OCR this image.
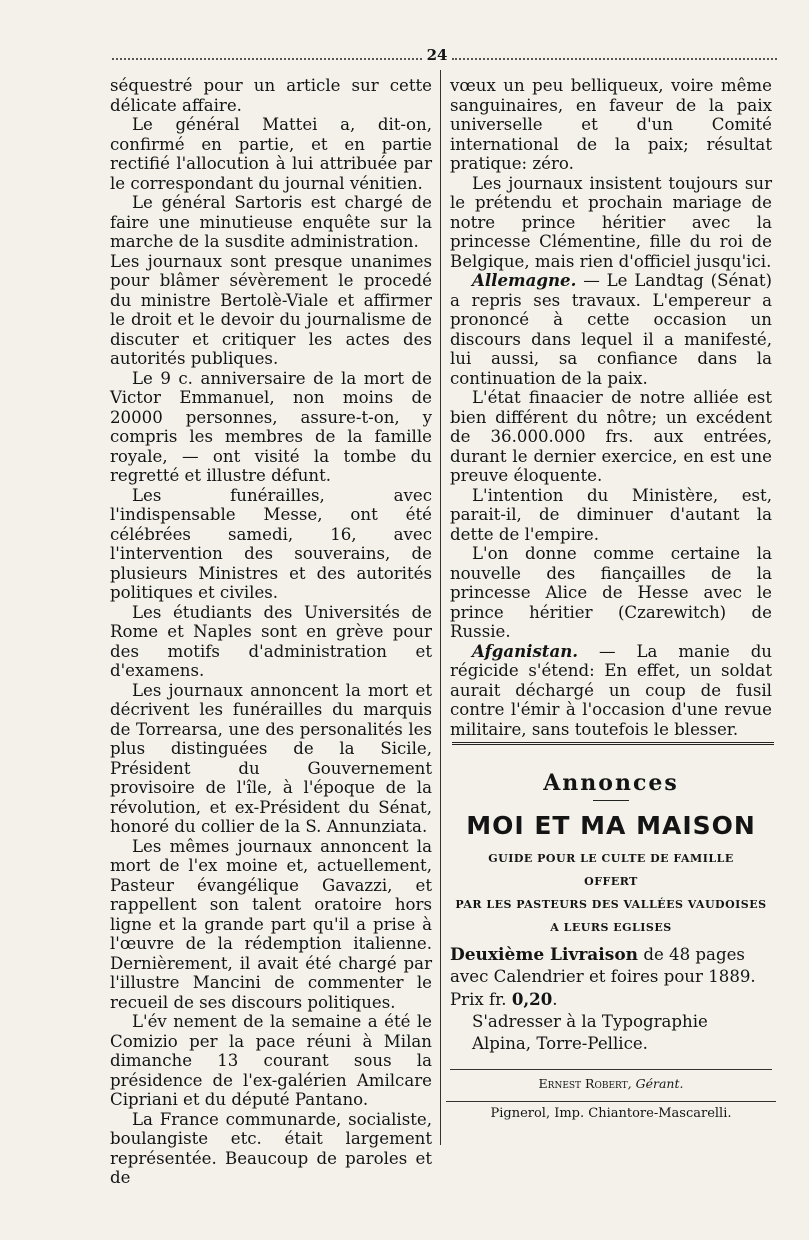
24

séquestré pour un article sur cette délicate affaire.

Le général Mattei a, dit-on, confirmé en partie, et en partie rectifié l'allocution à lui attribuée par le correspondant du journal vénitien.

Le général Sartoris est chargé de faire une minutieuse enquête sur la marche de la susdite administration.

Les journaux sont presque unanimes pour blâmer sévèrement le procedé du ministre Bertolè-Viale et affirmer le droit et le devoir du journalisme de discuter et critiquer les actes des autorités publiques.

Le 9 c. anniversaire de la mort de Victor Emmanuel, non moins de 20000 personnes, assure-t-on, y compris les membres de la famille royale, — ont visité la tombe du regretté et illustre défunt.

Les funérailles, avec l'indispensable Messe, ont été célébrées samedi, 16, avec l'intervention des souverains, de plusieurs Ministres et des autorités politiques et civiles.

Les étudiants des Universités de Rome et Naples sont en grève pour des motifs d'administration et d'examens.

Les journaux annoncent la mort et décrivent les funérailles du marquis de Torrearsa, une des personalités les plus distinguées de la Sicile, Président du Gouvernement provisoire de l'île, à l'époque de la révolution, et ex-Président du Sénat, honoré du collier de la S. Annunziata.

Les mêmes journaux annoncent la mort de l'ex moine et, actuellement, Pasteur évangélique Gavazzi, et rappellent son talent oratoire hors ligne et la grande part qu'il a prise à l'œuvre de la rédemption italienne. Dernièrement, il avait été chargé par l'illustre Mancini de commenter le recueil de ses discours politiques.

L'év nement de la semaine a été le Comizio per la pace réuni à Milan dimanche 13 courant sous la présidence de l'ex-galérien Amilcare Cipriani et du député Pantano.

La France communarde, socialiste, boulangiste etc. était largement représentée. Beaucoup de paroles et de

vœux un peu belliqueux, voire même sanguinaires, en faveur de la paix universelle et d'un Comité international de la paix; résultat pratique: zéro.

Les journaux insistent toujours sur le prétendu et prochain mariage de notre prince héritier avec la princesse Clémentine, fille du roi de Belgique, mais rien d'officiel jusqu'ici.

Allemagne. — Le Landtag (Sénat) a repris ses travaux. L'empereur a prononcé à cette occasion un discours dans lequel il a manifesté, lui aussi, sa confiance dans la continuation de la paix.

L'état finaacier de notre alliée est bien différent du nôtre; un excédent de 36.000.000 frs. aux entrées, durant le dernier exercice, en est une preuve éloquente.

L'intention du Ministère, est, parait-il, de diminuer d'autant la dette de l'empire.

L'on donne comme certaine la nouvelle des fiançailles de la princesse Alice de Hesse avec le prince héritier (Czarewitch) de Russie.

Afganistan. — La manie du régicide s'étend: En effet, un soldat aurait déchargé un coup de fusil contre l'émir à l'occasion d'une revue militaire, sans toutefois le blesser.

Annonces

MOI ET MA MAISON

GUIDE POUR LE CULTE DE FAMILLE

OFFERT

PAR LES PASTEURS DES VALLÉES VAUDOISES

A LEURS EGLISES

Deuxième Livraison de 48 pages avec Calendrier et foires pour 1889.
Prix fr. 0,20.
S'adresser à la Typographie Alpina, Torre-Pellice.

Ernest Robert, Gérant.

Pignerol, Imp. Chiantore-Mascarelli.
